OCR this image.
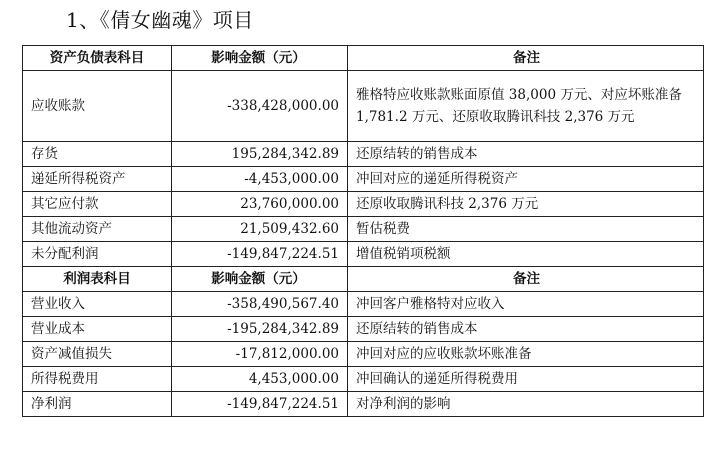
1、《倩女幽魂》项目
资产负债表科目	影响金额（元）	备注
应收账款	-338,428,000.00	雅格特应收账款账面原值 38,000 万元、对应坏账准备 1,781.2 万元、还原收取腾讯科技 2,376 万元
存货	195,284,342.89	还原结转的销售成本
递延所得税资产	-4,453,000.00	冲回对应的递延所得税资产
其它应付款	23,760,000.00	还原收取腾讯科技 2,376 万元
其他流动资产	21,509,432.60	暂估税费
未分配利润	-149,847,224.51	增值税销项税额
利润表科目	影响金额（元）	备注
营业收入	-358,490,567.40	冲回客户雅格特对应收入
营业成本	-195,284,342.89	还原结转的销售成本
资产减值损失	-17,812,000.00	冲回对应的应收账款坏账准备
所得税费用	4,453,000.00	冲回确认的递延所得税费用
净利润	-149,847,224.51	对净利润的影响
